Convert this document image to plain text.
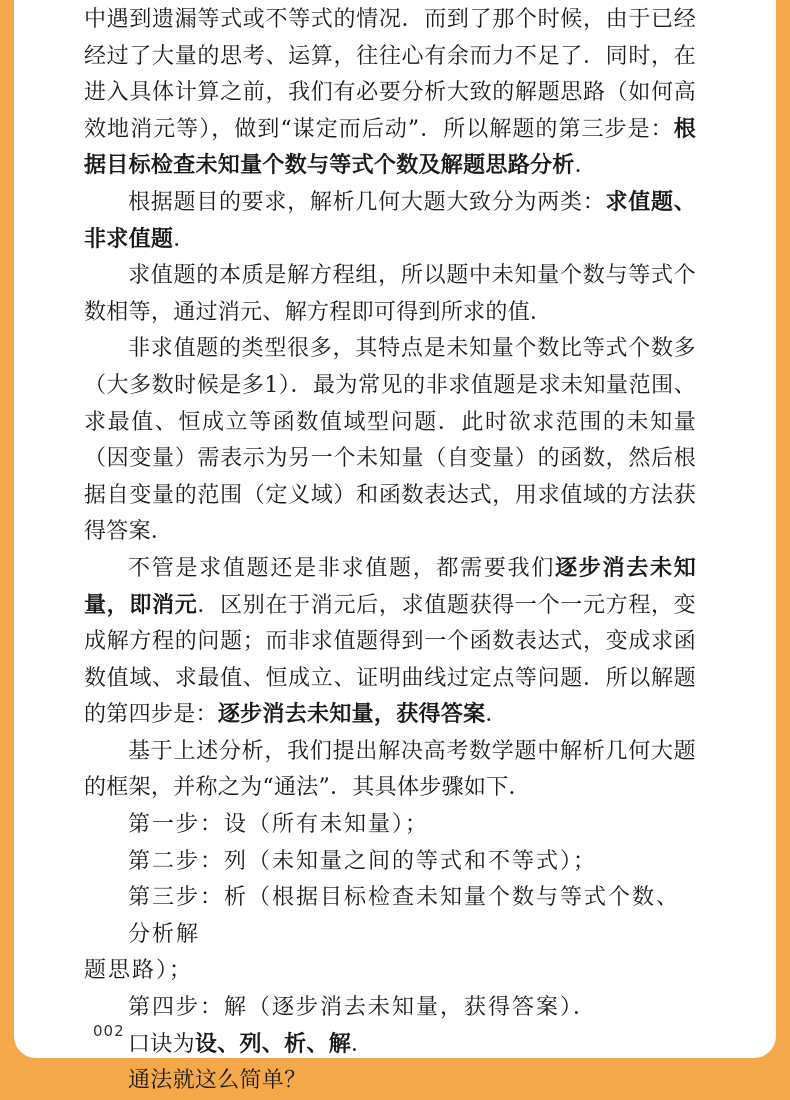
中遇到遗漏等式或不等式的情况．而到了那个时候，由于已经经过了大量的思考、运算，往往心有余而力不足了．同时，在进入具体计算之前，我们有必要分析大致的解题思路（如何高效地消元等），做到“谋定而后动”．所以解题的第三步是：根据目标检查未知量个数与等式个数及解题思路分析．

根据题目的要求，解析几何大题大致分为两类：求值题、非求值题．

求值题的本质是解方程组，所以题中未知量个数与等式个数相等，通过消元、解方程即可得到所求的值．

非求值题的类型很多，其特点是未知量个数比等式个数多（大多数时候是多1）．最为常见的非求值题是求未知量范围、求最值、恒成立等函数值域型问题．此时欲求范围的未知量（因变量）需表示为另一个未知量（自变量）的函数，然后根据自变量的范围（定义域）和函数表达式，用求值域的方法获得答案．

不管是求值题还是非求值题，都需要我们逐步消去未知量，即消元．区别在于消元后，求值题获得一个一元方程，变成解方程的问题；而非求值题得到一个函数表达式，变成求函数值域、求最值、恒成立、证明曲线过定点等问题．所以解题的第四步是：逐步消去未知量，获得答案．

基于上述分析，我们提出解决高考数学题中解析几何大题的框架，并称之为“通法”．其具体步骤如下．

第一步：设（所有未知量）；

第二步：列（未知量之间的等式和不等式）；

第三步：析（根据目标检查未知量个数与等式个数、分析解

题思路）；

第四步：解（逐步消去未知量，获得答案）．

口诀为设、列、析、解．

通法就这么简单？

002
